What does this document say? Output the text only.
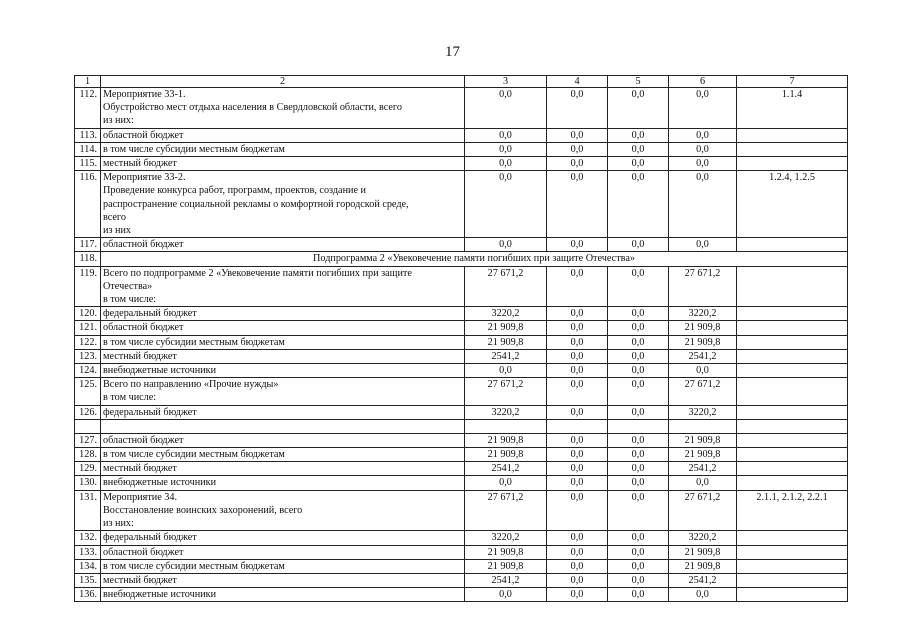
17
1	2	3	4	5	6	7
112.	Мероприятие 33-1.
Обустройство мест отдыха населения в Свердловской области, всего
из них:	0,0	0,0	0,0	0,0	1.1.4
113.	областной бюджет	0,0	0,0	0,0	0,0	
114.	в том числе субсидии местным бюджетам	0,0	0,0	0,0	0,0	
115.	местный бюджет	0,0	0,0	0,0	0,0	
116.	Мероприятие 33-2.
Проведение конкурса работ, программ, проектов, создание и
распространение социальной рекламы о комфортной городской среде,
всего
из них	0,0	0,0	0,0	0,0	1.2.4, 1.2.5
117.	областной бюджет	0,0	0,0	0,0	0,0	
118.	Подпрограмма 2 «Увековечение памяти погибших при защите Отечества»					
119.	Всего по подпрограмме 2 «Увековечение памяти погибших при защите
Отечества»
в том числе:	27 671,2	0,0	0,0	27 671,2	
120.	федеральный бюджет	3220,2	0,0	0,0	3220,2	
121.	областной бюджет	21 909,8	0,0	0,0	21 909,8	
122.	в том числе субсидии местным бюджетам	21 909,8	0,0	0,0	21 909,8	
123.	местный бюджет	2541,2	0,0	0,0	2541,2	
124.	внебюджетные источники	0,0	0,0	0,0	0,0	
125.	Всего по направлению «Прочие нужды»
в том числе:	27 671,2	0,0	0,0	27 671,2	
126.	федеральный бюджет	3220,2	0,0	0,0	3220,2	

127.	областной бюджет	21 909,8	0,0	0,0	21 909,8	
128.	в том числе субсидии местным бюджетам	21 909,8	0,0	0,0	21 909,8	
129.	местный бюджет	2541,2	0,0	0,0	2541,2	
130.	внебюджетные источники	0,0	0,0	0,0	0,0	
131.	Мероприятие 34.
Восстановление воинских захоронений, всего
из них:	27 671,2	0,0	0,0	27 671,2	2.1.1, 2.1.2, 2.2.1
132.	федеральный бюджет	3220,2	0,0	0,0	3220,2	
133.	областной бюджет	21 909,8	0,0	0,0	21 909,8	
134.	в том числе субсидии местным бюджетам	21 909,8	0,0	0,0	21 909,8	
135.	местный бюджет	2541,2	0,0	0,0	2541,2	
136.	внебюджетные источники	0,0	0,0	0,0	0,0	
